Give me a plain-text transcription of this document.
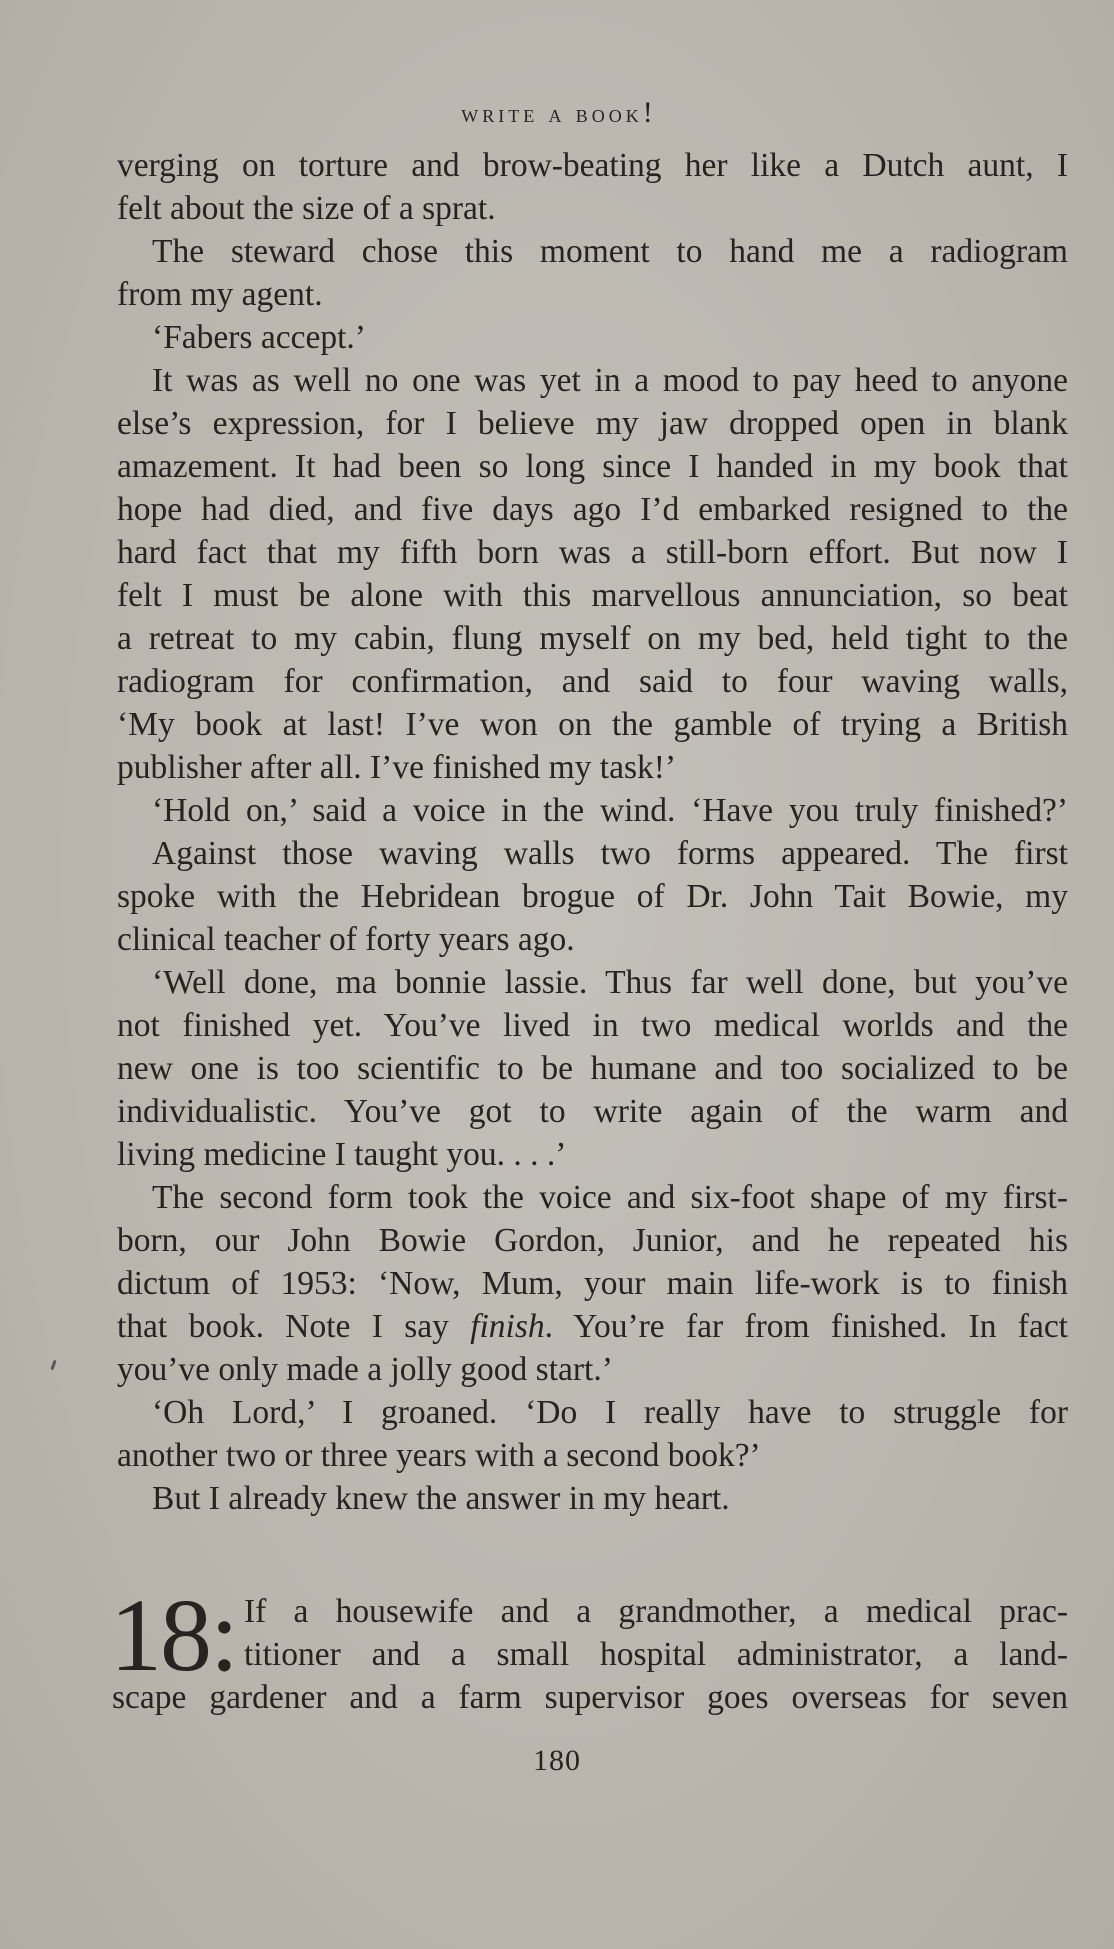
write a book!
verging on torture and brow-beating her like a Dutch aunt, I
felt about the size of a sprat.
The steward chose this moment to hand me a radiogram
from my agent.
‘Fabers accept.’
It was as well no one was yet in a mood to pay heed to anyone
else’s expression, for I believe my jaw dropped open in blank
amazement. It had been so long since I handed in my book that
hope had died, and five days ago I’d embarked resigned to the
hard fact that my fifth born was a still-born effort. But now I
felt I must be alone with this marvellous annunciation, so beat
a retreat to my cabin, flung myself on my bed, held tight to the
radiogram for confirmation, and said to four waving walls,
‘My book at last! I’ve won on the gamble of trying a British
publisher after all. I’ve finished my task!’
‘Hold on,’ said a voice in the wind. ‘Have you truly finished?’
Against those waving walls two forms appeared. The first
spoke with the Hebridean brogue of Dr. John Tait Bowie, my
clinical teacher of forty years ago.
‘Well done, ma bonnie lassie. Thus far well done, but you’ve
not finished yet. You’ve lived in two medical worlds and the
new one is too scientific to be humane and too socialized to be
individualistic. You’ve got to write again of the warm and
living medicine I taught you. . . .’
The second form took the voice and six-foot shape of my first-
born, our John Bowie Gordon, Junior, and he repeated his
dictum of 1953: ‘Now, Mum, your main life-work is to finish
that book. Note I say finish. You’re far from finished. In fact
you’ve only made a jolly good start.’
‘Oh Lord,’ I groaned. ‘Do I really have to struggle for
another two or three years with a second book?’
But I already knew the answer in my heart.
18: If a housewife and a grandmother, a medical prac-
titioner and a small hospital administrator, a land-
scape gardener and a farm supervisor goes overseas for seven
180
